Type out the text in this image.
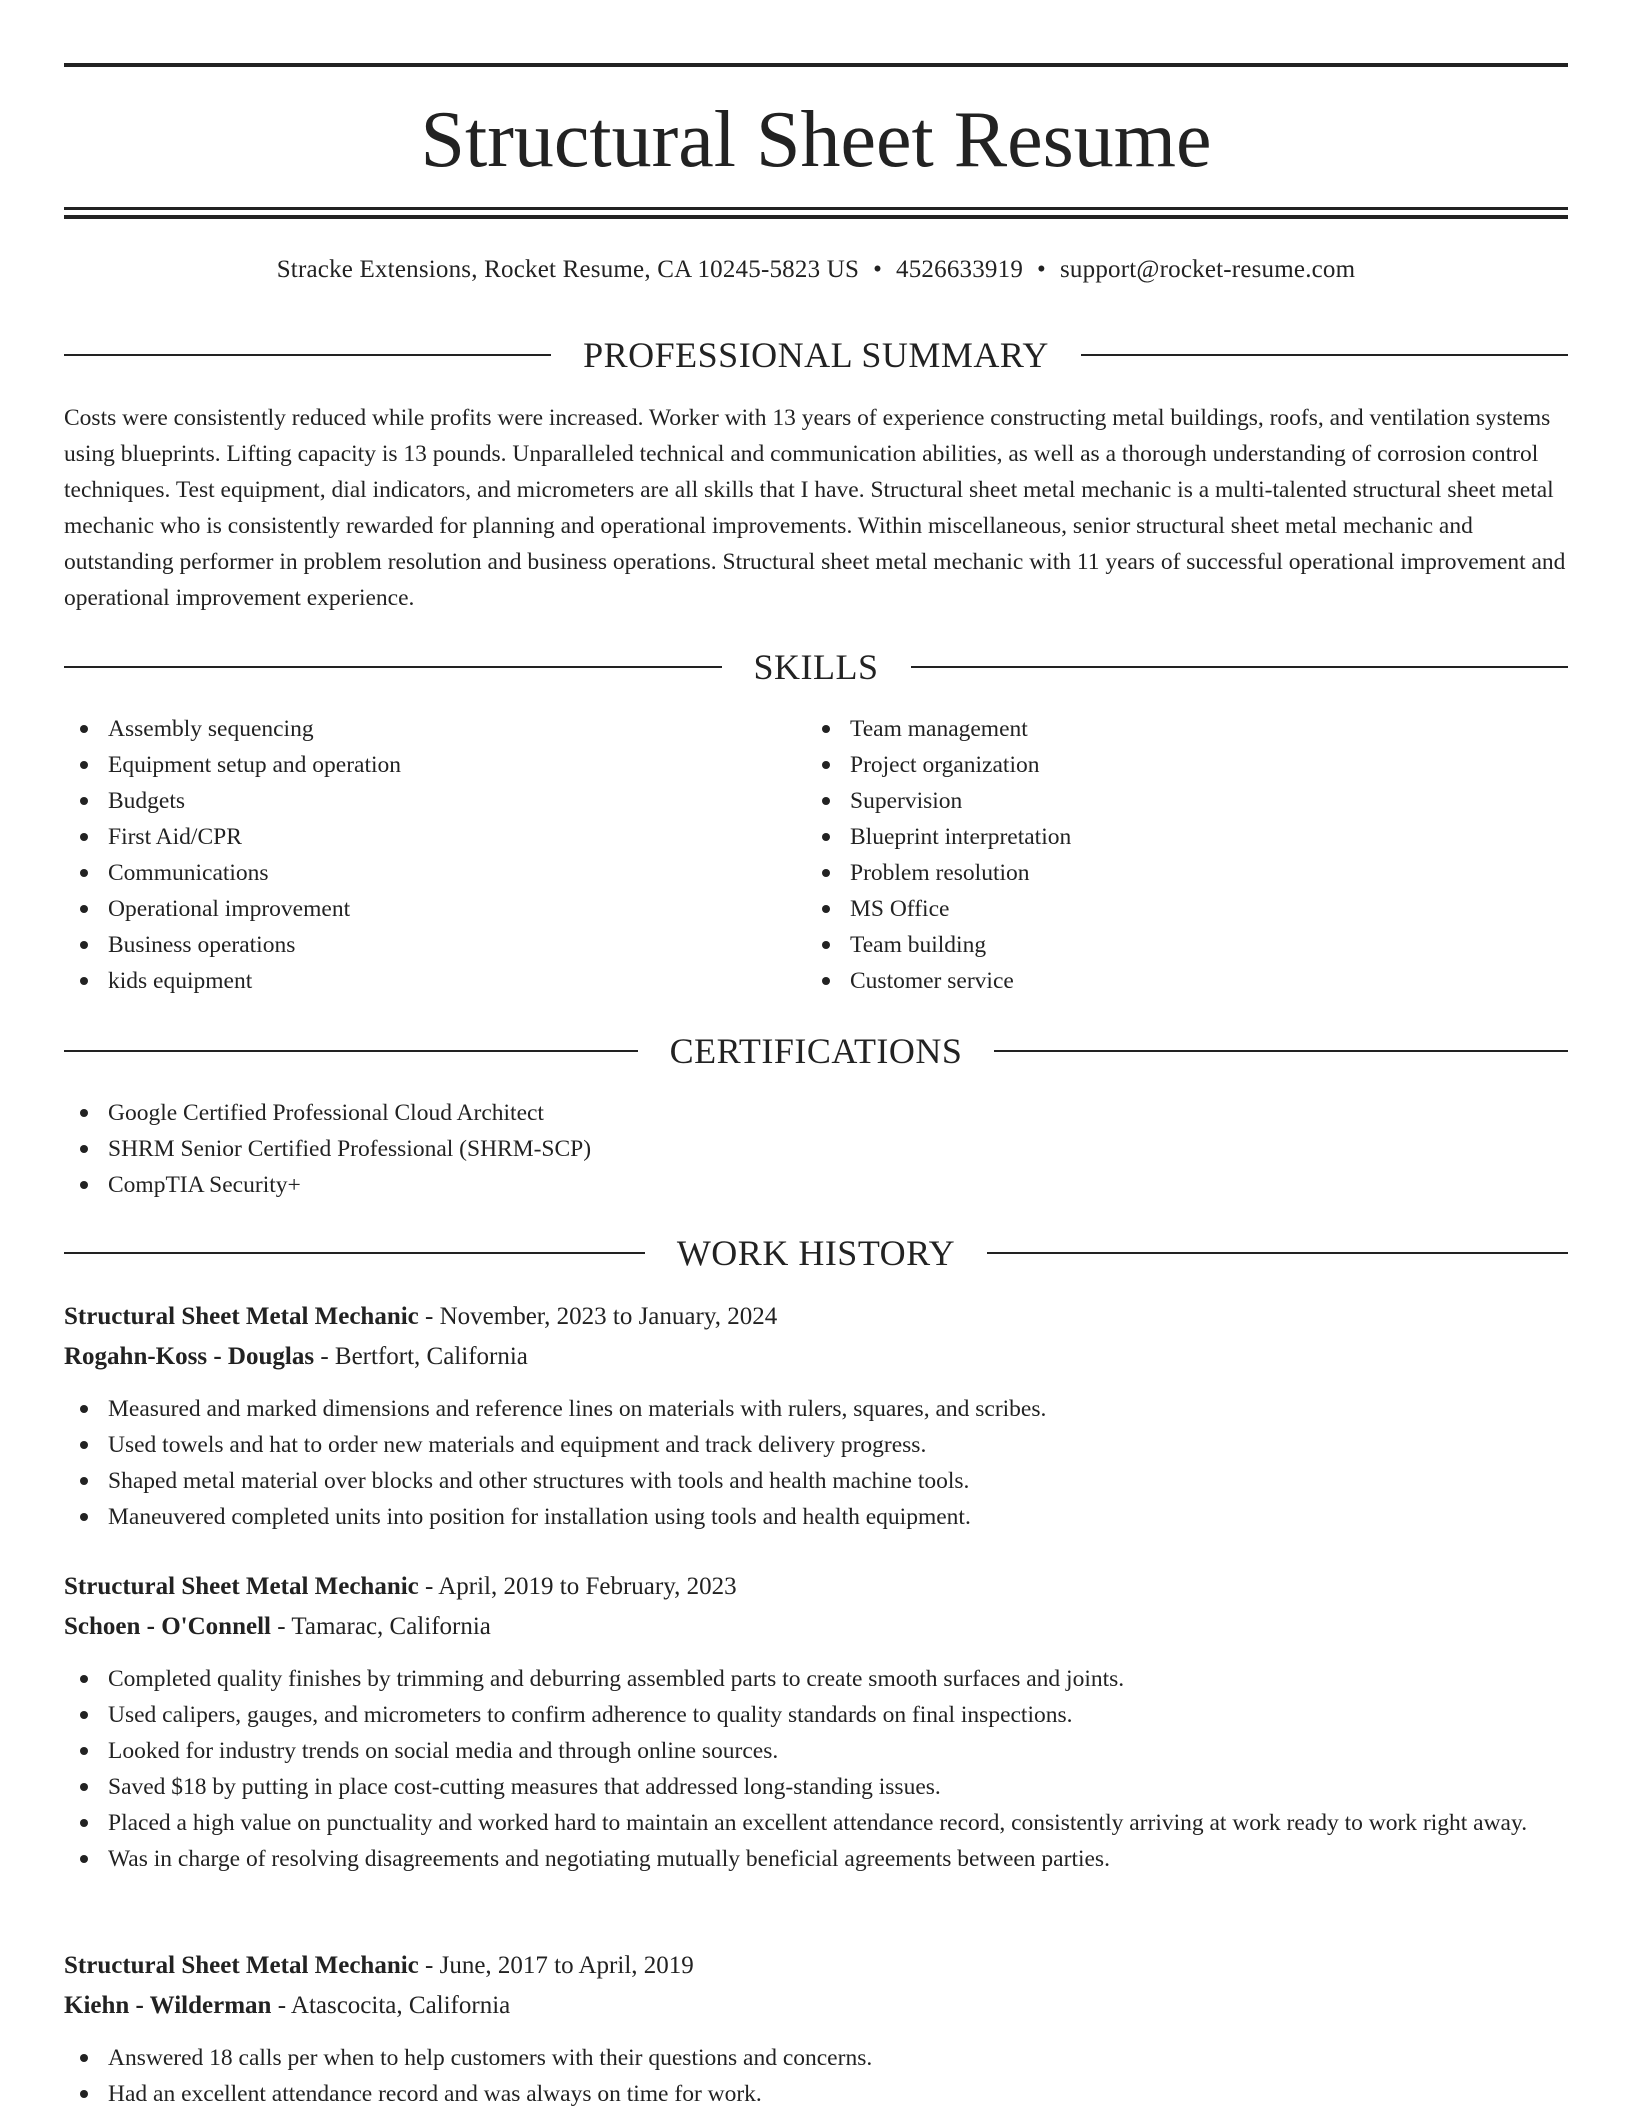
Structural Sheet Resume
Stracke Extensions, Rocket Resume, CA 10245-5823 US • 4526633919 • support@rocket-resume.com
PROFESSIONAL SUMMARY

Costs were consistently reduced while profits were increased. Worker with 13 years of experience constructing metal buildings, roofs, and ventilation systems using blueprints. Lifting capacity is 13 pounds. Unparalleled technical and communication abilities, as well as a thorough understanding of corrosion control techniques. Test equipment, dial indicators, and micrometers are all skills that I have. Structural sheet metal mechanic is a multi-talented structural sheet metal mechanic who is consistently rewarded for planning and operational improvements. Within miscellaneous, senior structural sheet metal mechanic and outstanding performer in problem resolution and business operations. Structural sheet metal mechanic with 11 years of successful operational improvement and operational improvement experience.

SKILLS
Assembly sequencing
Equipment setup and operation
Budgets
First Aid/CPR
Communications
Operational improvement
Business operations
kids equipment
Team management
Project organization
Supervision
Blueprint interpretation
Problem resolution
MS Office
Team building
Customer service
CERTIFICATIONS
Google Certified Professional Cloud Architect
SHRM Senior Certified Professional (SHRM-SCP)
CompTIA Security+
WORK HISTORY
Structural Sheet Metal Mechanic - November, 2023 to January, 2024
Rogahn-Koss - Douglas - Bertfort, California
Measured and marked dimensions and reference lines on materials with rulers, squares, and scribes.
Used towels and hat to order new materials and equipment and track delivery progress.
Shaped metal material over blocks and other structures with tools and health machine tools.
Maneuvered completed units into position for installation using tools and health equipment.
Structural Sheet Metal Mechanic - April, 2019 to February, 2023
Schoen - O'Connell - Tamarac, California
Completed quality finishes by trimming and deburring assembled parts to create smooth surfaces and joints.
Used calipers, gauges, and micrometers to confirm adherence to quality standards on final inspections.
Looked for industry trends on social media and through online sources.
Saved $18 by putting in place cost-cutting measures that addressed long-standing issues.
Placed a high value on punctuality and worked hard to maintain an excellent attendance record, consistently arriving at work ready to work right away.
Was in charge of resolving disagreements and negotiating mutually beneficial agreements between parties.
Structural Sheet Metal Mechanic - June, 2017 to April, 2019
Kiehn - Wilderman - Atascocita, California
Answered 18 calls per when to help customers with their questions and concerns.
Had an excellent attendance record and was always on time for work.
